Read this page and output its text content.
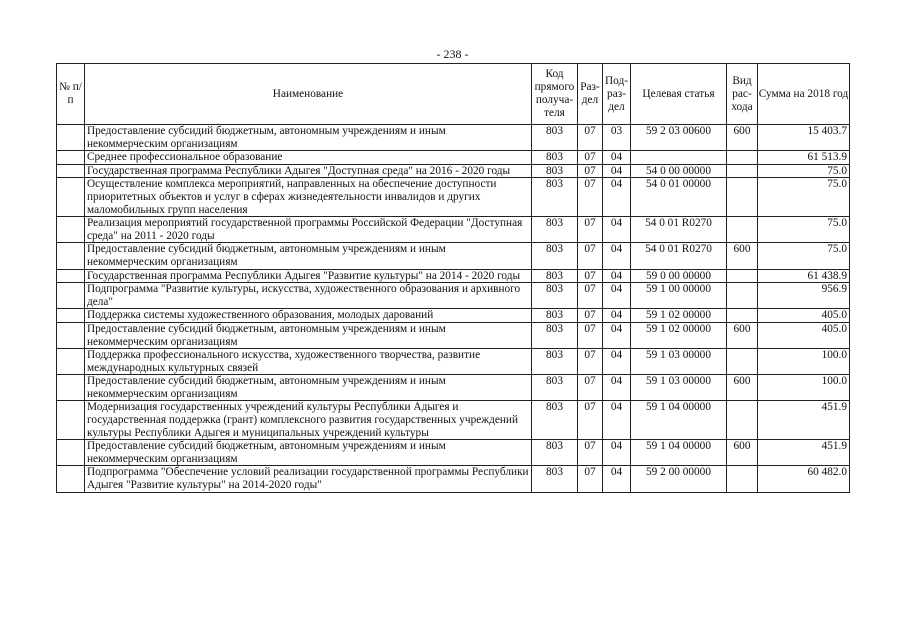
- 238 -
№ п/п	Наименование	Код прямого получа-теля	Раз-дел	Под-раз-дел	Целевая статья	Вид рас-хода	Сумма на 2018 год
	Предоставление субсидий бюджетным, автономным учреждениям и иным некоммерческим организациям	803	07	03	59 2 03 00600	600	15 403.7
	Среднее профессиональное образование	803	07	04			61 513.9
	Государственная программа Республики Адыгея "Доступная среда" на 2016 - 2020 годы	803	07	04	54 0 00 00000		75.0
	Осуществление комплекса мероприятий, направленных на обеспечение доступности приоритетных объектов и услуг в сферах жизнедеятельности инвалидов и других маломобильных групп населения	803	07	04	54 0 01 00000		75.0
	Реализация мероприятий государственной программы Российской Федерации "Доступная среда" на 2011 - 2020 годы	803	07	04	54 0 01 R0270		75.0
	Предоставление субсидий бюджетным, автономным учреждениям и иным некоммерческим организациям	803	07	04	54 0 01 R0270	600	75.0
	Государственная программа Республики Адыгея "Развитие культуры" на 2014 - 2020 годы	803	07	04	59 0 00 00000		61 438.9
	Подпрограмма "Развитие культуры, искусства, художественного образования и архивного дела"	803	07	04	59 1 00 00000		956.9
	Поддержка системы художественного образования, молодых дарований	803	07	04	59 1 02 00000		405.0
	Предоставление субсидий бюджетным, автономным учреждениям и иным некоммерческим организациям	803	07	04	59 1 02 00000	600	405.0
	Поддержка профессионального искусства, художественного творчества, развитие международных культурных связей	803	07	04	59 1 03 00000		100.0
	Предоставление субсидий бюджетным, автономным учреждениям и иным некоммерческим организациям	803	07	04	59 1 03 00000	600	100.0
	Модернизация государственных учреждений культуры Республики Адыгея и государственная поддержка (грант) комплексного развития государственных учреждений культуры Республики Адыгея и муниципальных учреждений культуры	803	07	04	59 1 04 00000		451.9
	Предоставление субсидий бюджетным, автономным учреждениям и иным некоммерческим организациям	803	07	04	59 1 04 00000	600	451.9
	Подпрограмма "Обеспечение условий реализации государственной программы Республики Адыгея "Развитие культуры" на 2014-2020 годы"	803	07	04	59 2 00 00000		60 482.0
